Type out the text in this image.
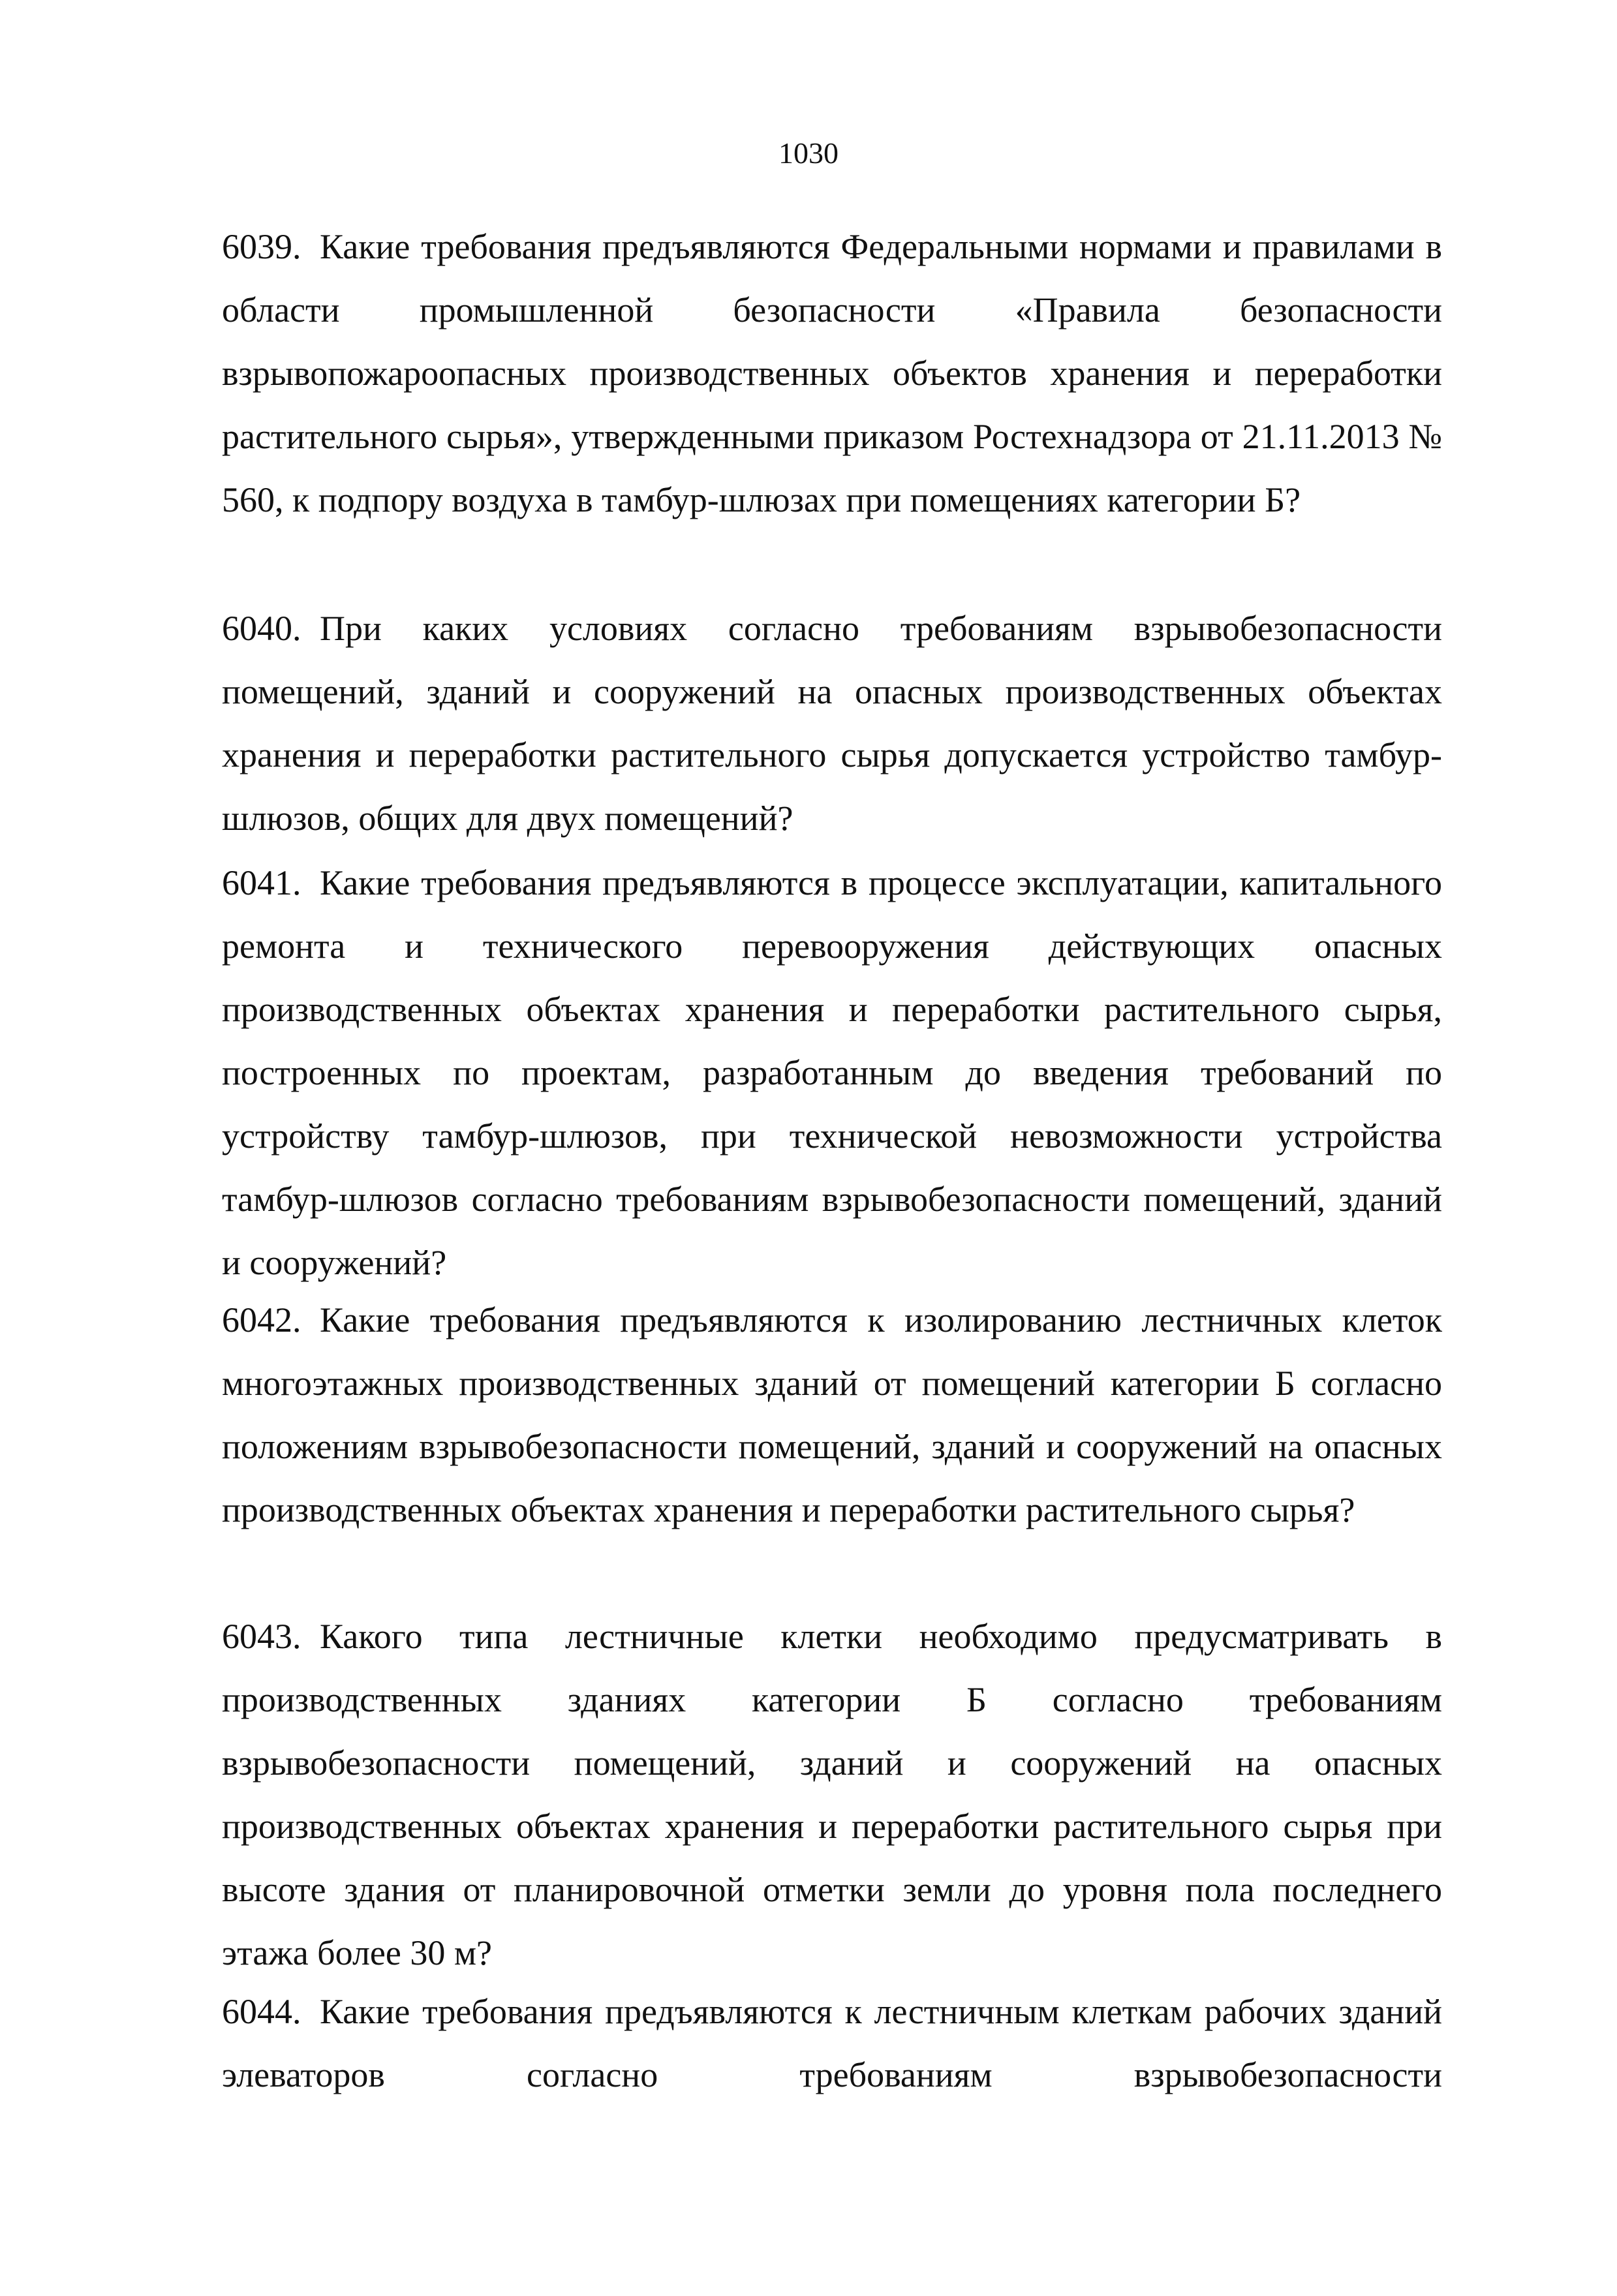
1030

6039. Какие требования предъявляются Федеральными нормами и правилами в области промышленной безопасности «Правила безопасности взрывопожароопасных производственных объектов хранения и переработки растительного сырья», утвержденными приказом Ростехнадзора от 21.11.2013 № 560, к подпору воздуха в тамбур-шлюзах при помещениях категории Б?
6040. При каких условиях согласно требованиям взрывобезопасности помещений, зданий и сооружений на опасных производственных объектах хранения и переработки растительного сырья допускается устройство тамбур-шлюзов, общих для двух помещений?
6041. Какие требования предъявляются в процессе эксплуатации, капитального ремонта и технического перевооружения действующих опасных производственных объектах хранения и переработки растительного сырья, построенных по проектам, разработанным до введения требований по устройству тамбур-шлюзов, при технической невозможности устройства тамбур-шлюзов согласно требованиям взрывобезопасности помещений, зданий и сооружений?
6042. Какие требования предъявляются к изолированию лестничных клеток многоэтажных производственных зданий от помещений категории Б согласно положениям взрывобезопасности помещений, зданий и сооружений на опасных производственных объектах хранения и переработки растительного сырья?
6043. Какого типа лестничные клетки необходимо предусматривать в производственных зданиях категории Б согласно требованиям взрывобезопасности помещений, зданий и сооружений на опасных производственных объектах хранения и переработки растительного сырья при высоте здания от планировочной отметки земли до уровня пола последнего этажа более 30 м?
6044. Какие требования предъявляются к лестничным клеткам рабочих зданий элеваторов согласно требованиям взрывобезопасности
